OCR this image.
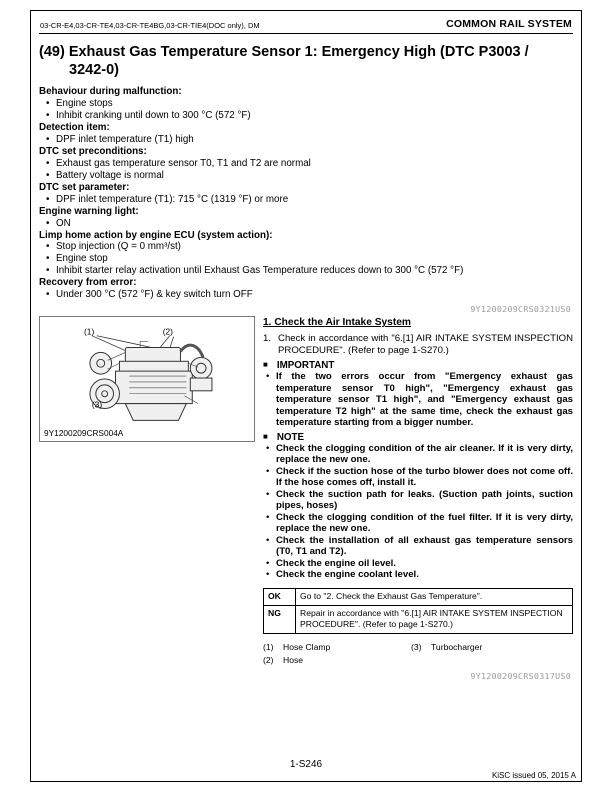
03-CR-E4,03-CR-TE4,03-CR-TE4BG,03-CR-TIE4(DOC only), DM	COMMON RAIL SYSTEM
(49) Exhaust Gas Temperature Sensor 1: Emergency High (DTC P3003 / 3242-0)
Behaviour during malfunction:
• Engine stops
• Inhibit cranking until down to 300 °C (572 °F)
Detection item:
• DPF inlet temperature (T1) high
DTC set preconditions:
• Exhaust gas temperature sensor T0, T1 and T2 are normal
• Battery voltage is normal
DTC set parameter:
• DPF inlet temperature (T1): 715 °C (1319 °F) or more
Engine warning light:
• ON
Limp home action by engine ECU (system action):
• Stop injection (Q = 0 mm³/st)
• Engine stop
• Inhibit starter relay activation until Exhaust Gas Temperature reduces down to 300 °C (572 °F)
Recovery from error:
• Under 300 °C (572 °F) & key switch turn OFF
9Y1200209CRS0321US0
(1)	(2)
(3)
9Y1200209CRS004A
1. Check the Air Intake System
1. Check in accordance with "6.[1] AIR INTAKE SYSTEM INSPECTION PROCEDURE". (Refer to page 1-S270.)
■ IMPORTANT
• If the two errors occur from "Emergency exhaust gas temperature sensor T0 high", "Emergency exhaust gas temperature sensor T1 high", and "Emergency exhaust gas temperature T2 high" at the same time, check the exhaust gas temperature starting from a bigger number.
■ NOTE
• Check the clogging condition of the air cleaner. If it is very dirty, replace the new one.
• Check if the suction hose of the turbo blower does not come off. If the hose comes off, install it.
• Check the suction path for leaks. (Suction path joints, suction pipes, hoses)
• Check the clogging condition of the fuel filter. If it is very dirty, replace the new one.
• Check the installation of all exhaust gas temperature sensors (T0, T1 and T2).
• Check the engine oil level.
• Check the engine coolant level.
OK	Go to "2. Check the Exhaust Gas Temperature".
NG	Repair in accordance with "6.[1] AIR INTAKE SYSTEM INSPECTION PROCEDURE". (Refer to page 1-S270.)
(1) Hose Clamp
(2) Hose
(3) Turbocharger
9Y1200209CRS0317US0
1-S246
KiSC issued 05, 2015 A
